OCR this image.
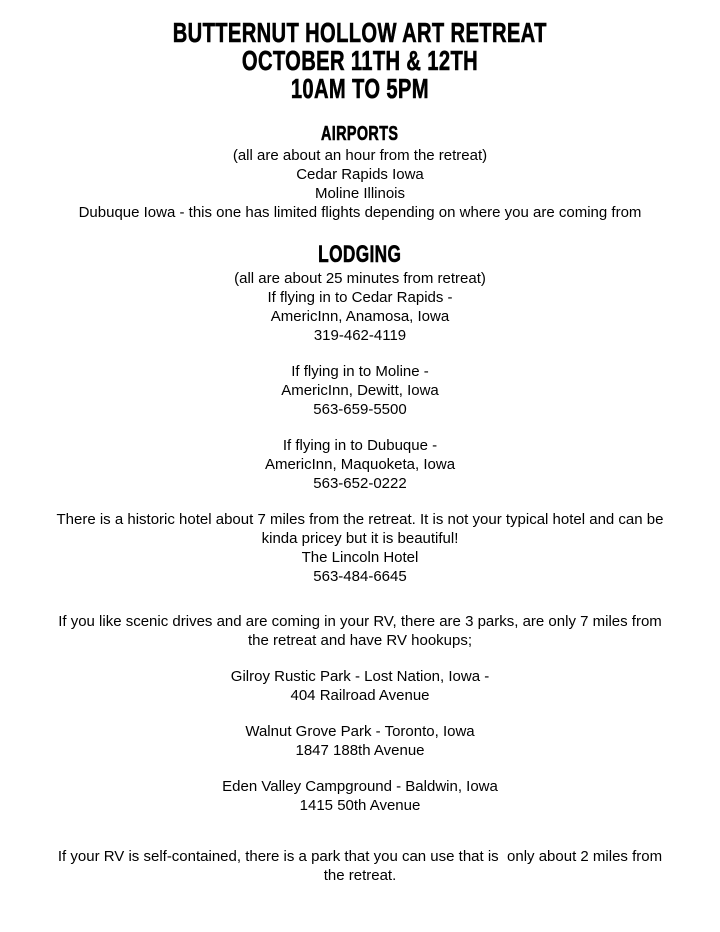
BUTTERNUT HOLLOW ART RETREAT
OCTOBER 11TH & 12TH
10AM TO 5PM
AIRPORTS

(all are about an hour from the retreat)
Cedar Rapids Iowa
Moline Illinois
Dubuque Iowa - this one has limited flights depending on where you are coming from

LODGING

(all are about 25 minutes from retreat)
If flying in to Cedar Rapids -
AmericInn, Anamosa, Iowa
319-462-4119

If flying in to Moline -
AmericInn, Dewitt, Iowa
563-659-5500

If flying in to Dubuque -
AmericInn, Maquoketa, Iowa
563-652-0222

There is a historic hotel about 7 miles from the retreat. It is not your typical hotel and can be
kinda pricey but it is beautiful!
The Lincoln Hotel
563-484-6645

If you like scenic drives and are coming in your RV, there are 3 parks, are only 7 miles from
the retreat and have RV hookups;

Gilroy Rustic Park - Lost Nation, Iowa -
404 Railroad Avenue

Walnut Grove Park - Toronto, Iowa
1847 188th Avenue

Eden Valley Campground - Baldwin, Iowa
1415 50th Avenue

If your RV is self-contained, there is a park that you can use that is  only about 2 miles from
the retreat.
